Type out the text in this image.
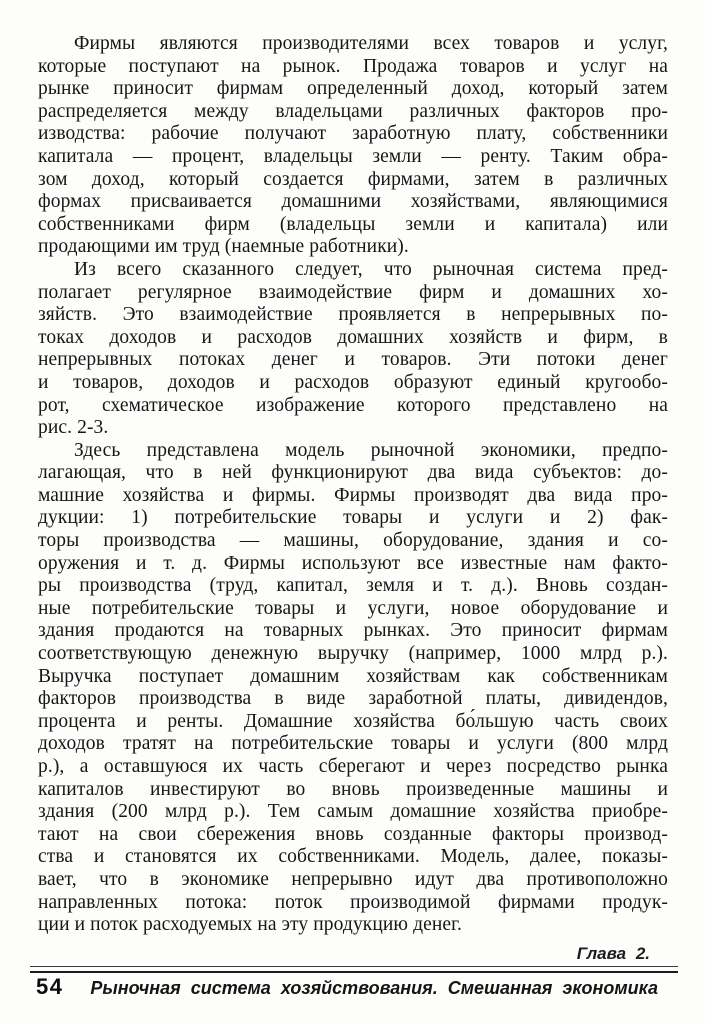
Фирмы являются производителями всех товаров и услуг,
которые поступают на рынок. Продажа товаров и услуг на
рынке приносит фирмам определенный доход, который затем
распределяется между владельцами различных факторов про-
изводства: рабочие получают заработную плату, собственники
капитала — процент, владельцы земли — ренту. Таким обра-
зом доход, который создается фирмами, затем в различных
формах присваивается домашними хозяйствами, являющимися
собственниками фирм (владельцы земли и капитала) или
продающими им труд (наемные работники).
Из всего сказанного следует, что рыночная система пред-
полагает регулярное взаимодействие фирм и домашних хо-
зяйств. Это взаимодействие проявляется в непрерывных по-
токах доходов и расходов домашних хозяйств и фирм, в
непрерывных потоках денег и товаров. Эти потоки денег
и товаров, доходов и расходов образуют единый кругообо-
рот, схематическое изображение которого представлено на
рис. 2-3.
Здесь представлена модель рыночной экономики, предпо-
лагающая, что в ней функционируют два вида субъектов: до-
машние хозяйства и фирмы. Фирмы производят два вида про-
дукции: 1) потребительские товары и услуги и 2) фак-
торы производства — машины, оборудование, здания и со-
оружения и т. д. Фирмы используют все известные нам факто-
ры производства (труд, капитал, земля и т. д.). Вновь создан-
ные потребительские товары и услуги, новое оборудование и
здания продаются на товарных рынках. Это приносит фирмам
соответствующую денежную выручку (например, 1000 млрд р.).
Выручка поступает домашним хозяйствам как собственникам
факторов производства в виде заработной платы, дивидендов,
процента и ренты. Домашние хозяйства бо́льшую часть своих
доходов тратят на потребительские товары и услуги (800 млрд
р.), а оставшуюся их часть сберегают и через посредство рынка
капиталов инвестируют во вновь произведенные машины и
здания (200 млрд р.). Тем самым домашние хозяйства приобре-
тают на свои сбережения вновь созданные факторы производ-
ства и становятся их собственниками. Модель, далее, показы-
вает, что в экономике непрерывно идут два противоположно
направленных потока: поток производимой фирмами продук-
ции и поток расходуемых на эту продукцию денег.
Глава 2.
54 Рыночная система хозяйствования. Смешанная экономика
